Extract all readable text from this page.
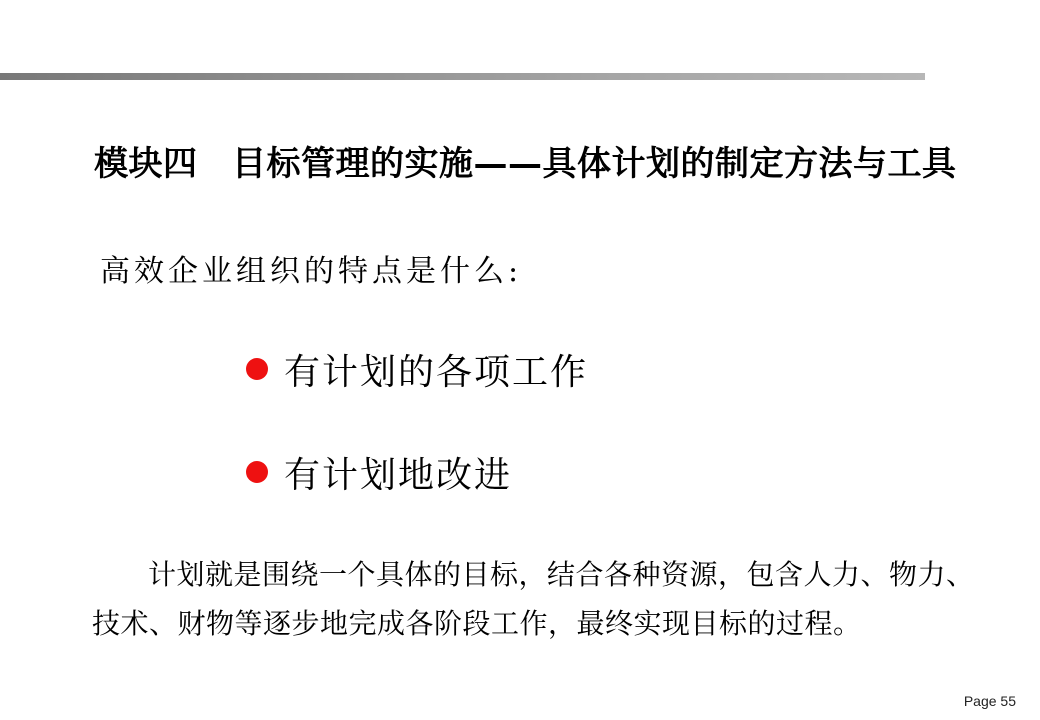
模块四　目标管理的实施——具体计划的制定方法与工具
高效企业组织的特点是什么:
有计划的各项工作
有计划地改进
计划就是围绕一个具体的目标，结合各种资源，包含人力、物力、
技术、财物等逐步地完成各阶段工作，最终实现目标的过程。
Page 55
